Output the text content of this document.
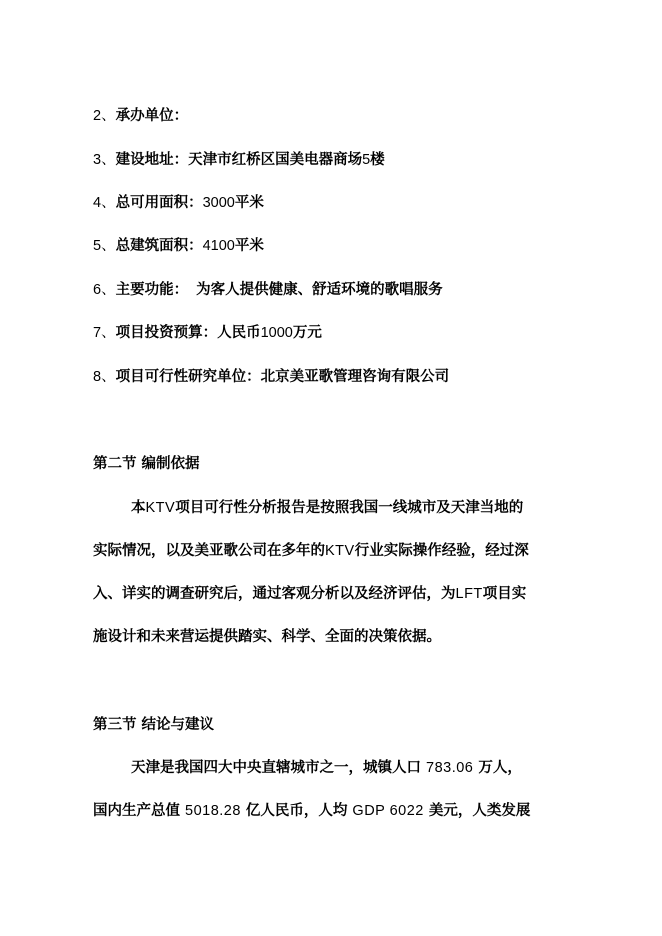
2、承办单位：
3、建设地址：天津市红桥区国美电器商场5楼
4、总可用面积：3000平米
5、总建筑面积：4100平米
6、主要功能： 为客人提供健康、舒适环境的歌唱服务
7、项目投资预算：人民币1000万元
8、项目可行性研究单位：北京美亚歌管理咨询有限公司
第二节 编制依据
本KTV项目可行性分析报告是按照我国一线城市及天津当地的
实际情况，以及美亚歌公司在多年的KTV行业实际操作经验，经过深
入、详实的调查研究后，通过客观分析以及经济评估，为LFT项目实
施设计和未来营运提供踏实、科学、全面的决策依据。
第三节 结论与建议
天津是我国四大中央直辖城市之一，城镇人口 783.06 万人，
国内生产总值 5018.28 亿人民币，人均 GDP 6022 美元，人类发展
